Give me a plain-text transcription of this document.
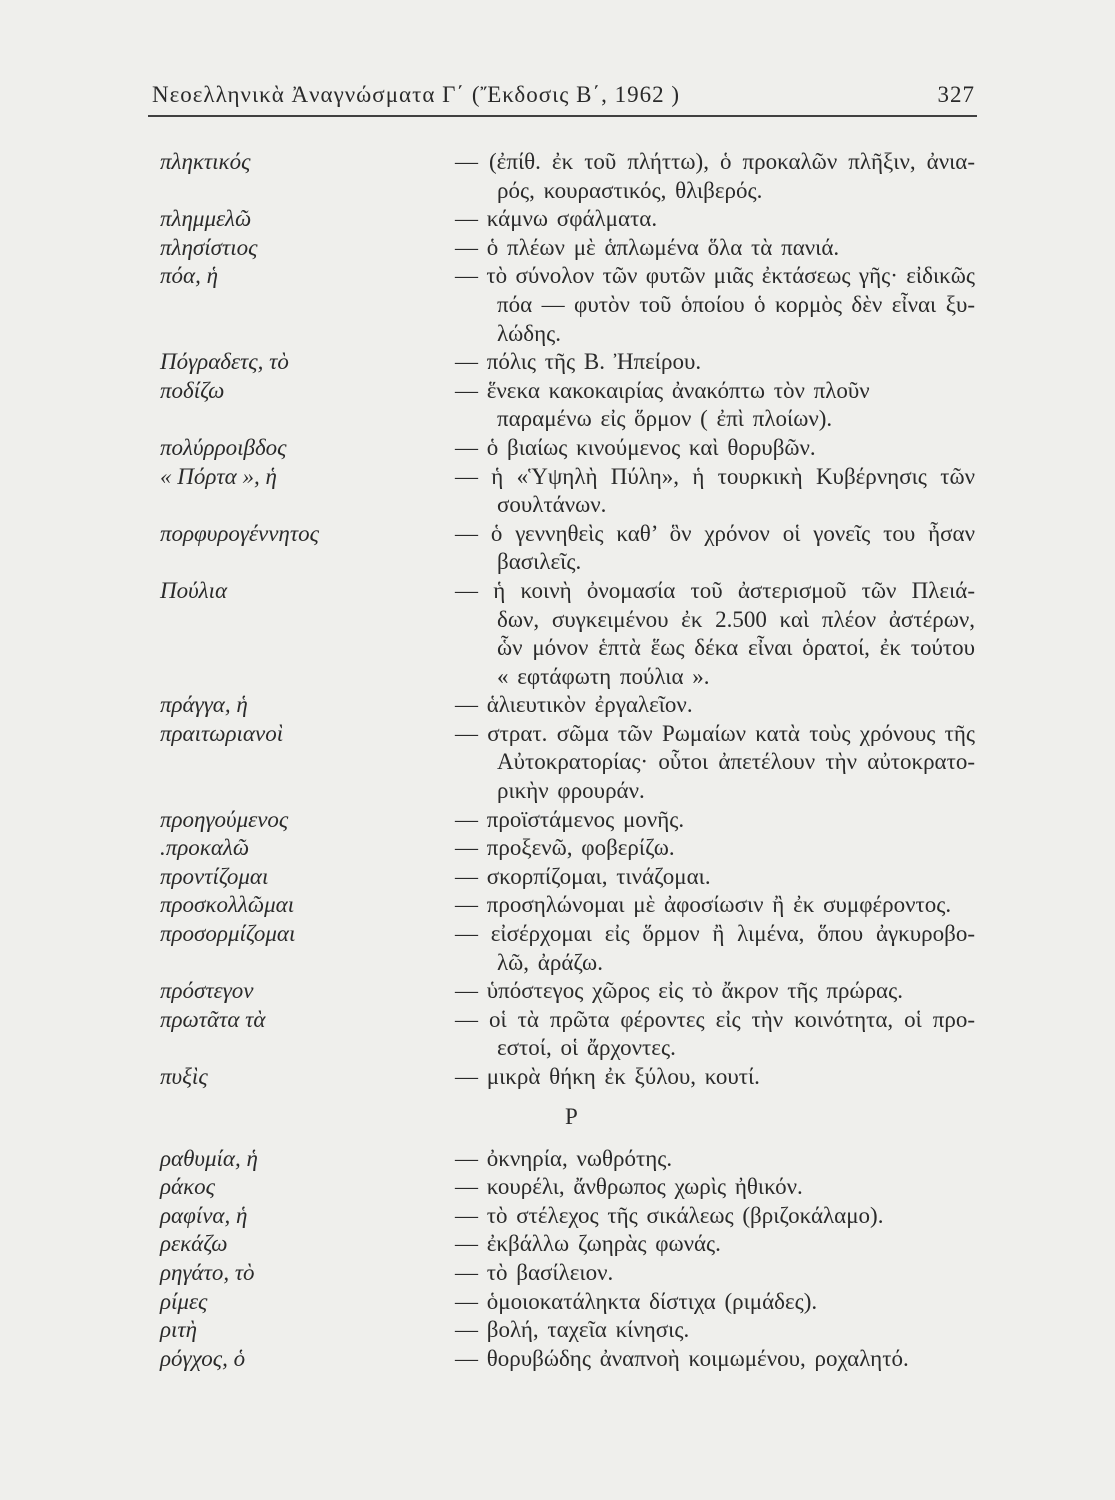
Νεοελληνικὰ Ἀναγνώσματα Γ΄ (Ἔκδοσις Β΄, 1962 )	327
πληκτικός	— (ἐπίθ. ἐκ τοῦ πλήττω), ὁ προκαλῶν πλῆξιν, ἀνια-
ρός, κουραστικός, θλιβερός.
πλημμελῶ	— κάμνω σφάλματα.
πλησίστιος	— ὁ πλέων μὲ ἁπλωμένα ὅλα τὰ πανιά.
πόα, ἡ	— τὸ σύνολον τῶν φυτῶν μιᾶς ἐκτάσεως γῆς· εἰδικῶς
πόα — φυτὸν τοῦ ὁποίου ὁ κορμὸς δὲν εἶναι ξυ-
λώδης.
Πόγραδετς, τὸ	— πόλις τῆς Β. Ἠπείρου.
ποδίζω	— ἕνεκα κακοκαιρίας ἀνακόπτω τὸν πλοῦν
παραμένω εἰς ὅρμον ( ἐπὶ πλοίων).
πολύρροιβδος	— ὁ βιαίως κινούμενος καὶ θορυβῶν.
« Πόρτα », ἡ	— ἡ «Ὑψηλὴ Πύλη», ἡ τουρκικὴ Κυβέρνησις τῶν
σουλτάνων.
πορφυρογέννητος	— ὁ γεννηθεὶς καθ’ ὃν χρόνον οἱ γονεῖς του ἦσαν
βασιλεῖς.
Πούλια	— ἡ κοινὴ ὀνομασία τοῦ ἀστερισμοῦ τῶν Πλειά-
δων, συγκειμένου ἐκ 2.500 καὶ πλέον ἀστέρων,
ὧν μόνον ἑπτὰ ἕως δέκα εἶναι ὁρατοί, ἐκ τούτου
« εφτάφωτη πούλια ».
πράγγα, ἡ	— ἁλιευτικὸν ἐργαλεῖον.
πραιτωριανοὶ	— στρατ. σῶμα τῶν Ρωμαίων κατὰ τοὺς χρόνους τῆς
Αὐτοκρατορίας· οὗτοι ἀπετέλουν τὴν αὐτοκρατο-
ρικὴν φρουράν.
προηγούμενος	— προϊστάμενος μονῆς.
.προκαλῶ	— προξενῶ, φοβερίζω.
προντίζομαι	— σκορπίζομαι, τινάζομαι.
προσκολλῶμαι	— προσηλώνομαι μὲ ἀφοσίωσιν ἢ ἐκ συμφέροντος.
προσορμίζομαι	— εἰσέρχομαι εἰς ὅρμον ἢ λιμένα, ὅπου ἀγκυροβο-
λῶ, ἀράζω.
πρόστεγον	— ὑπόστεγος χῶρος εἰς τὸ ἄκρον τῆς πρώρας.
πρωτᾶτα τὰ	— οἱ τὰ πρῶτα φέροντες εἰς τὴν κοινότητα, οἱ προ-
εστοί, οἱ ἄρχοντες.
πυξὶς	— μικρὰ θήκη ἐκ ξύλου, κουτί.
Ρ
ραθυμία, ἡ	— ὀκνηρία, νωθρότης.
ράκος	— κουρέλι, ἄνθρωπος χωρὶς ἠθικόν.
ραφίνα, ἡ	— τὸ στέλεχος τῆς σικάλεως (βριζοκάλαμο).
ρεκάζω	— ἐκβάλλω ζωηρὰς φωνάς.
ρηγάτο, τὸ	— τὸ βασίλειον.
ρίμες	— ὁμοιοκατάληκτα δίστιχα (ριμάδες).
ριτὴ	— βολή, ταχεῖα κίνησις.
ρόγχος, ὁ	— θορυβώδης ἀναπνοὴ κοιμωμένου, ροχαλητό.
